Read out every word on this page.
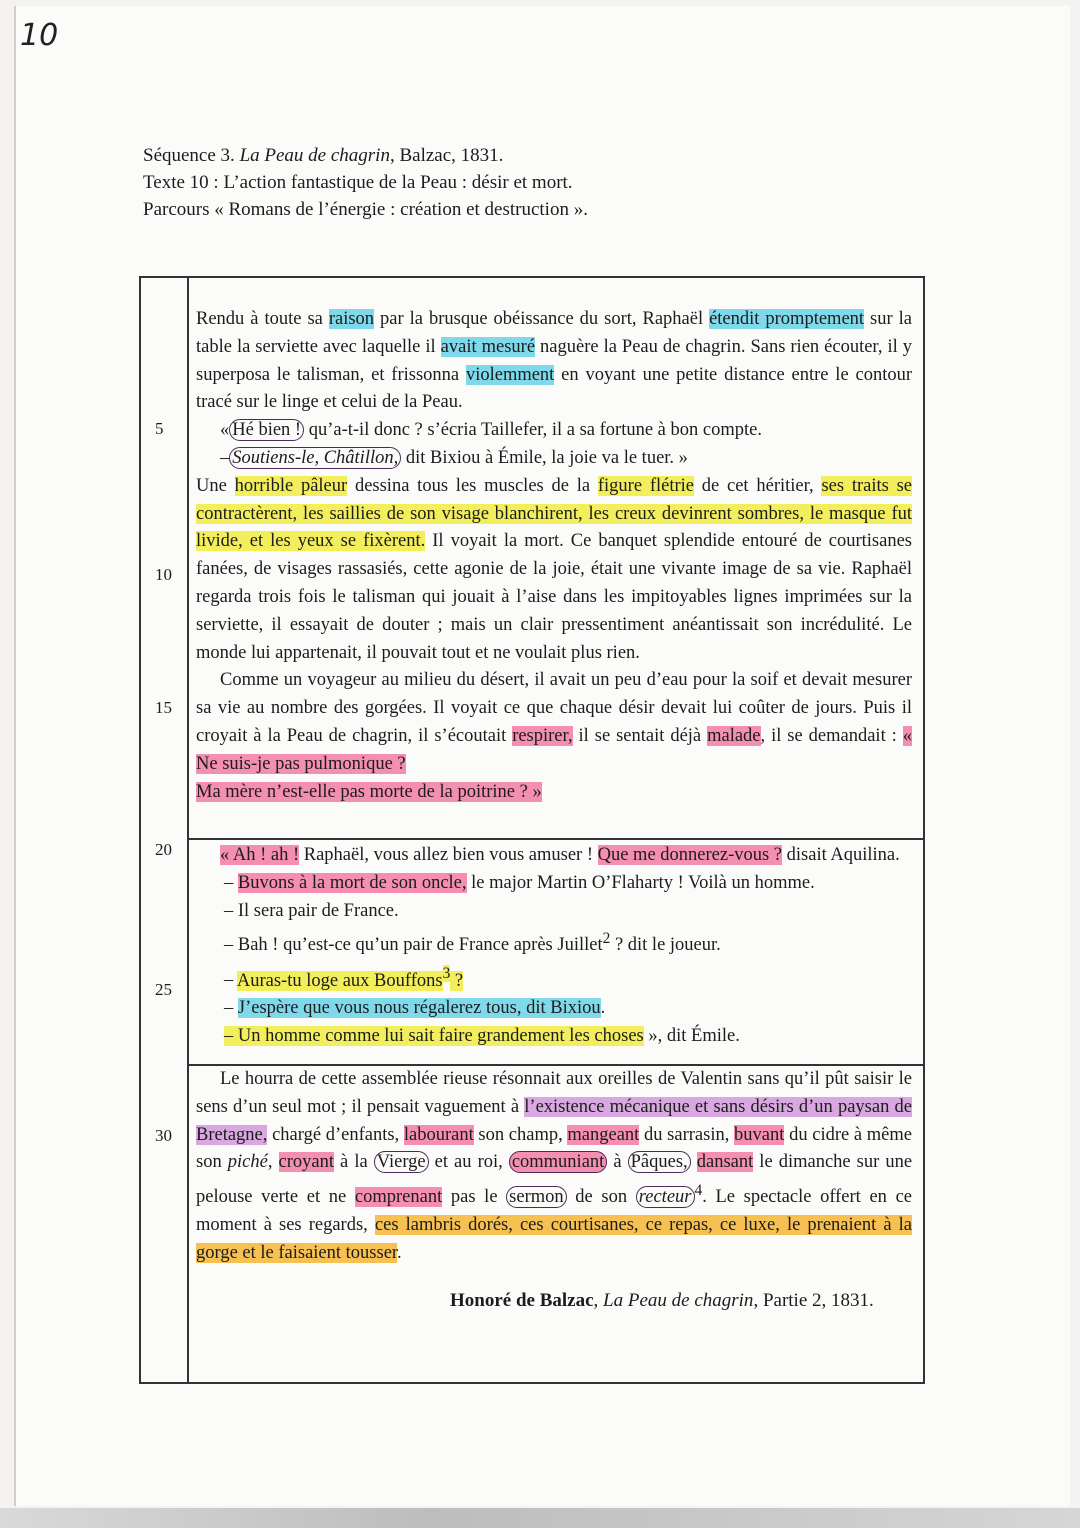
10
Séquence 3. La Peau de chagrin, Balzac, 1831.
Texte 10 : L’action fantastique de la Peau : désir et mort.
Parcours « Romans de l’énergie : création et destruction ».
5
10
15
20
25
30

Rendu à toute sa raison par la brusque obéissance du sort, Raphaël étendit promptement sur la table la serviette avec laquelle il avait mesuré naguère la Peau de chagrin. Sans rien écouter, il y superposa le talisman, et frissonna violemment en voyant une petite distance entre le contour tracé sur le linge et celui de la Peau.

« Hé bien ! qu’a-t-il donc ? s’écria Taillefer, il a sa fortune à bon compte.

– Soutiens-le, Châtillon, dit Bixiou à Émile, la joie va le tuer. »

Une horrible pâleur dessina tous les muscles de la figure flétrie de cet héritier, ses traits se contractèrent, les saillies de son visage blanchirent, les creux devinrent sombres, le masque fut livide, et les yeux se fixèrent. Il voyait la mort. Ce banquet splendide entouré de courtisanes fanées, de visages rassasiés, cette agonie de la joie, était une vivante image de sa vie. Raphaël regarda trois fois le talisman qui jouait à l’aise dans les impitoyables lignes imprimées sur la serviette, il essayait de douter ; mais un clair pressentiment anéantissait son incrédulité. Le monde lui appartenait, il pouvait tout et ne voulait plus rien.

Comme un voyageur au milieu du désert, il avait un peu d’eau pour la soif et devait mesurer sa vie au nombre des gorgées. Il voyait ce que chaque désir devait lui coûter de jours. Puis il croyait à la Peau de chagrin, il s’écoutait respirer, il se sentait déjà malade, il se demandait : « Ne suis-je pas pulmonique ?

Ma mère n’est-elle pas morte de la poitrine ? »

« Ah ! ah ! Raphaël, vous allez bien vous amuser ! Que me donnerez-vous ? disait Aquilina.

– Buvons à la mort de son oncle, le major Martin O’Flaharty ! Voilà un homme.

– Il sera pair de France.

– Bah ! qu’est-ce qu’un pair de France après Juillet$^2$ ? dit le joueur.

– Auras-tu loge aux Bouffons$^3$ ?

– J’espère que vous nous régalerez tous, dit Bixiou.

– Un homme comme lui sait faire grandement les choses », dit Émile.

Le hourra de cette assemblée rieuse résonnait aux oreilles de Valentin sans qu’il pût saisir le sens d’un seul mot ; il pensait vaguement à l’existence mécanique et sans désirs d’un paysan de Bretagne, chargé d’enfants, labourant son champ, mangeant du sarrasin, buvant du cidre à même son piché, croyant à la Vierge et au roi, communiant à Pâques, dansant le dimanche sur une pelouse verte et ne comprenant pas le sermon de son recteur $^4$. Le spectacle offert en ce moment à ses regards, ces lambris dorés, ces courtisanes, ce repas, ce luxe, le prenaient à la gorge et le faisaient tousser.

Honoré de Balzac, La Peau de chagrin, Partie 2, 1831.
